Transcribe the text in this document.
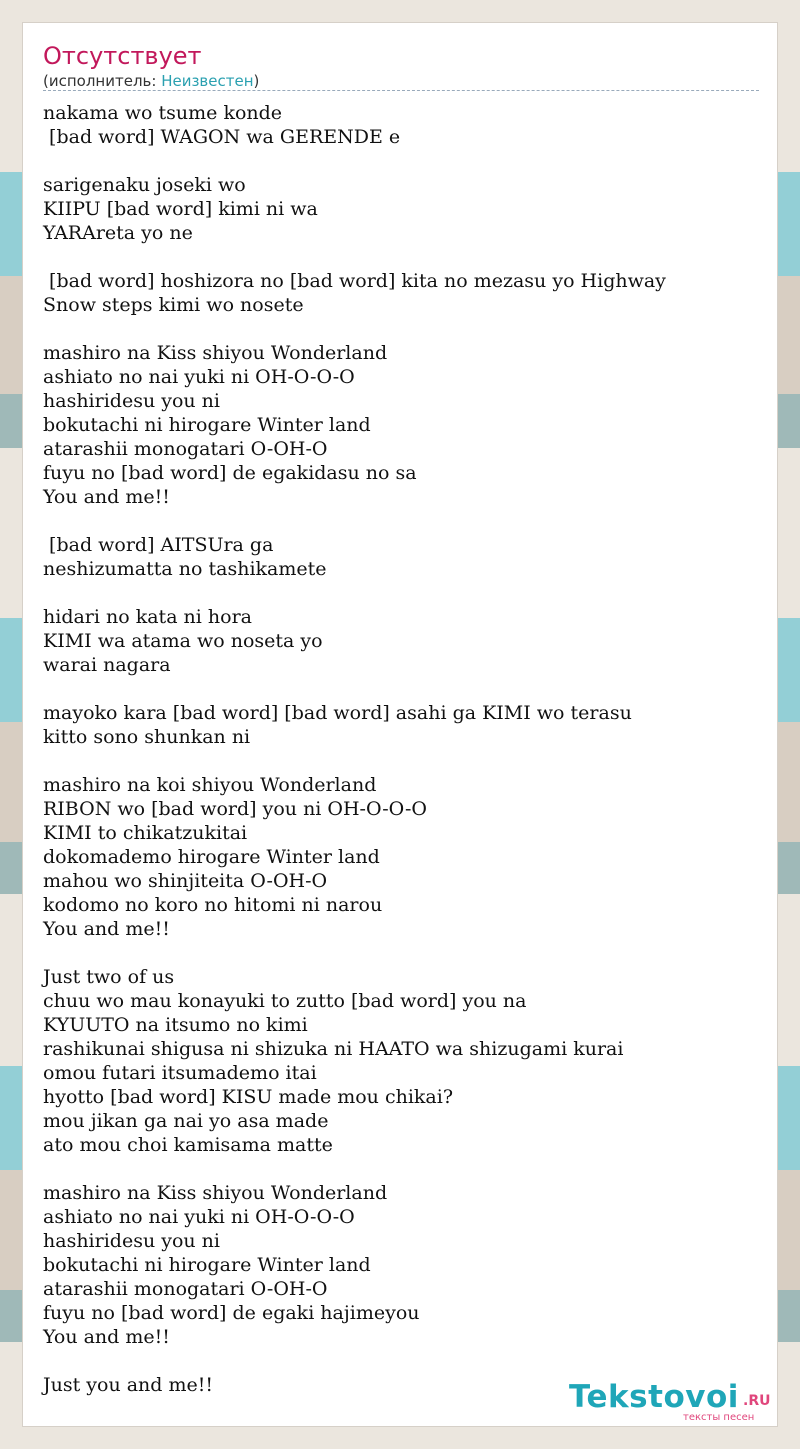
Отсутствует
(исполнитель: Неизвестен)
nakama wo tsume konde
[bad word] WAGON wa GERENDE e
sarigenaku joseki wo
KIIPU [bad word] kimi ni wa
YARAreta yo ne
[bad word] hoshizora no [bad word] kita no mezasu yo Highway
Snow steps kimi wo nosete
mashiro na Kiss shiyou Wonderland
ashiato no nai yuki ni OH-O-O-O
hashiridesu you ni
bokutachi ni hirogare Winter land
atarashii monogatari O-OH-O
fuyu no [bad word] de egakidasu no sa
You and me!!
[bad word] AITSUra ga
neshizumatta no tashikamete
hidari no kata ni hora
KIMI wa atama wo noseta yo
warai nagara
mayoko kara [bad word] [bad word] asahi ga KIMI wo terasu
kitto sono shunkan ni
mashiro na koi shiyou Wonderland
RIBON wo [bad word] you ni OH-O-O-O
KIMI to chikatzukitai
dokomademo hirogare Winter land
mahou wo shinjiteita O-OH-O
kodomo no koro no hitomi ni narou
You and me!!
Just two of us
chuu wo mau konayuki to zutto [bad word] you na
KYUUTO na itsumo no kimi
rashikunai shigusa ni shizuka ni HAATO wa shizugami kurai
omou futari itsumademo itai
hyotto [bad word] KISU made mou chikai?
mou jikan ga nai yo asa made
ato mou choi kamisama matte
mashiro na Kiss shiyou Wonderland
ashiato no nai yuki ni OH-O-O-O
hashiridesu you ni
bokutachi ni hirogare Winter land
atarashii monogatari O-OH-O
fuyu no [bad word] de egaki hajimeyou
You and me!!
Just you and me!!	Tekstovoi .RU
тексты песен
